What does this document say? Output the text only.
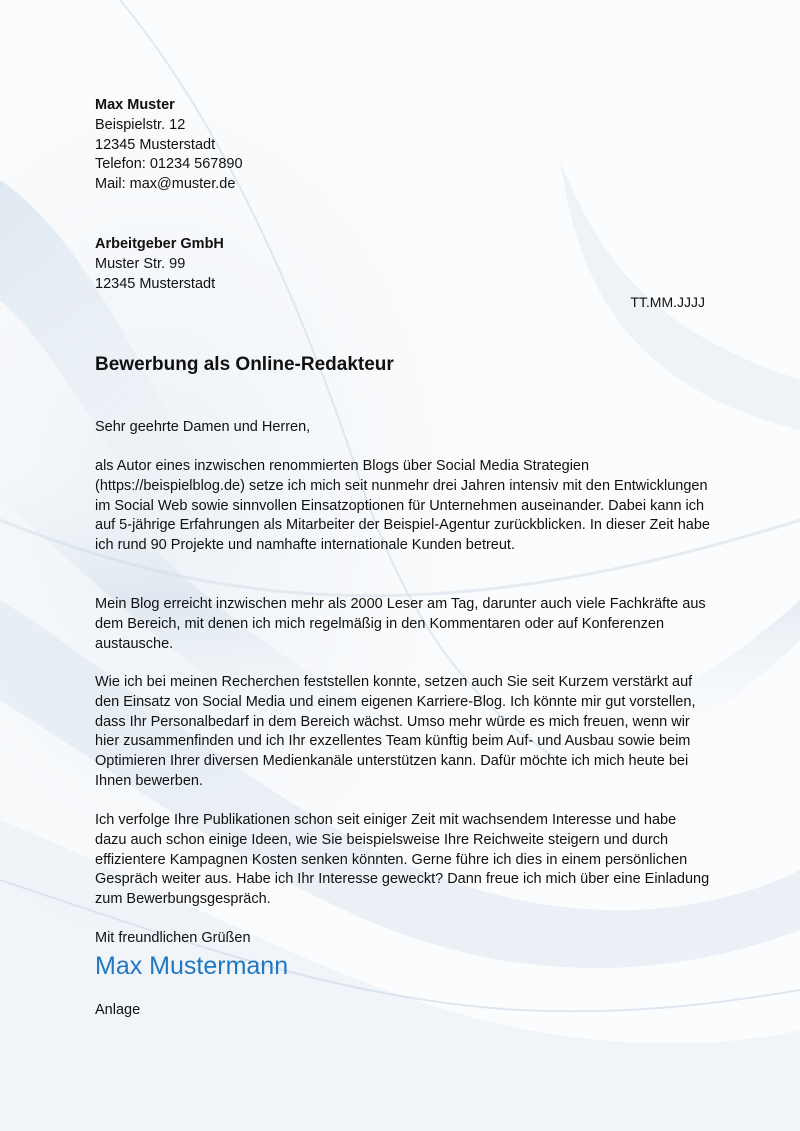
Max Muster
Beispielstr. 12
12345 Musterstadt
Telefon: 01234 567890
Mail: max@muster.de
Arbeitgeber GmbH
Muster Str. 99
12345 Musterstadt
TT.MM.JJJJ
Bewerbung als Online-Redakteur
Sehr geehrte Damen und Herren,
als Autor eines inzwischen renommierten Blogs über Social Media Strategien (https://beispielblog.de) setze ich mich seit nunmehr drei Jahren intensiv mit den Entwicklungen im Social Web sowie sinnvollen Einsatzoptionen für Unternehmen auseinander. Dabei kann ich auf 5-jährige Erfahrungen als Mitarbeiter der Beispiel-Agentur zurückblicken. In dieser Zeit habe ich rund 90 Projekte und namhafte internationale Kunden betreut.
Mein Blog erreicht inzwischen mehr als 2000 Leser am Tag, darunter auch viele Fachkräfte aus dem Bereich, mit denen ich mich regelmäßig in den Kommentaren oder auf Konferenzen austausche.
Wie ich bei meinen Recherchen feststellen konnte, setzen auch Sie seit Kurzem verstärkt auf den Einsatz von Social Media und einem eigenen Karriere-Blog. Ich könnte mir gut vorstellen, dass Ihr Personalbedarf in dem Bereich wächst. Umso mehr würde es mich freuen, wenn wir hier zusammenfinden und ich Ihr exzellentes Team künftig beim Auf- und Ausbau sowie beim Optimieren Ihrer diversen Medienkanäle unterstützen kann. Dafür möchte ich mich heute bei Ihnen bewerben.
Ich verfolge Ihre Publikationen schon seit einiger Zeit mit wachsendem Interesse und habe dazu auch schon einige Ideen, wie Sie beispielsweise Ihre Reichweite steigern und durch effizientere Kampagnen Kosten senken könnten. Gerne führe ich dies in einem persönlichen Gespräch weiter aus. Habe ich Ihr Interesse geweckt? Dann freue ich mich über eine Einladung zum Bewerbungsgespräch.
Mit freundlichen Grüßen
Max Mustermann
Anlage
